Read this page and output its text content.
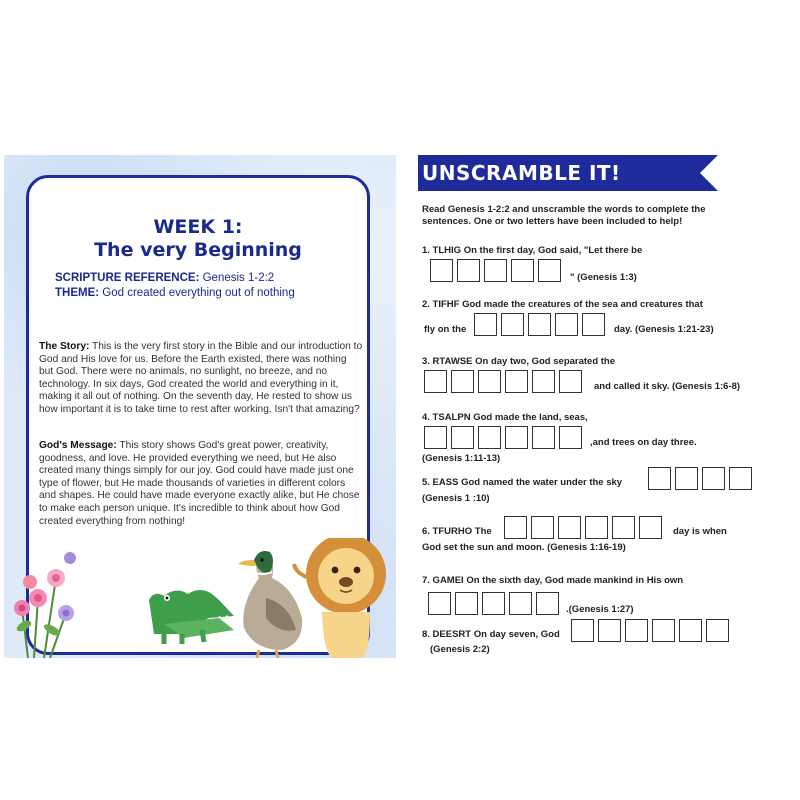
WEEK 1:
The very Beginning
SCRIPTURE REFERENCE: Genesis 1-2:2
THEME: God created everything out of nothing

The Story: This is the very first story in the Bible and our introduction to God and His love for us. Before the Earth existed, there was nothing but God. There were no animals, no sunlight, no breeze, and no technology. In six days, God created the world and everything in it, making it all out of nothing. On the seventh day, He rested to show us how important it is to take time to rest after working. Isn't that amazing?

God's Message: This story shows God's great power, creativity, goodness, and love. He provided everything we need, but He also created many things simply for our joy. God could have made just one type of flower, but He made thousands of varieties in different colors and shapes. He could have made everyone exactly alike, but He chose to make each person unique. It's incredible to think about how God created everything from nothing!

UNSCRAMBLE IT!
Read Genesis 1-2:2 and unscramble the words to complete the sentences. One or two letters have been included to help!
1. TLHIG On the first day, God said, "Let there be
" (Genesis 1:3)
2. TIFHF God made the creatures of the sea and creatures that
fly on the	day. (Genesis 1:21-23)
3. RTAWSE On day two, God separated the
and called it sky. (Genesis 1:6-8)
4. TSALPN God made the land, seas,
,and trees on day three.
(Genesis 1:11-13)
5. EASS God named the water under the sky
(Genesis 1 :10)
6. TFURHO The	day is when
God set the sun and moon. (Genesis 1:16-19)
7. GAMEI On the sixth day, God made mankind in His own
.(Genesis 1:27)
8. DEESRT On day seven, God
(Genesis 2:2)
